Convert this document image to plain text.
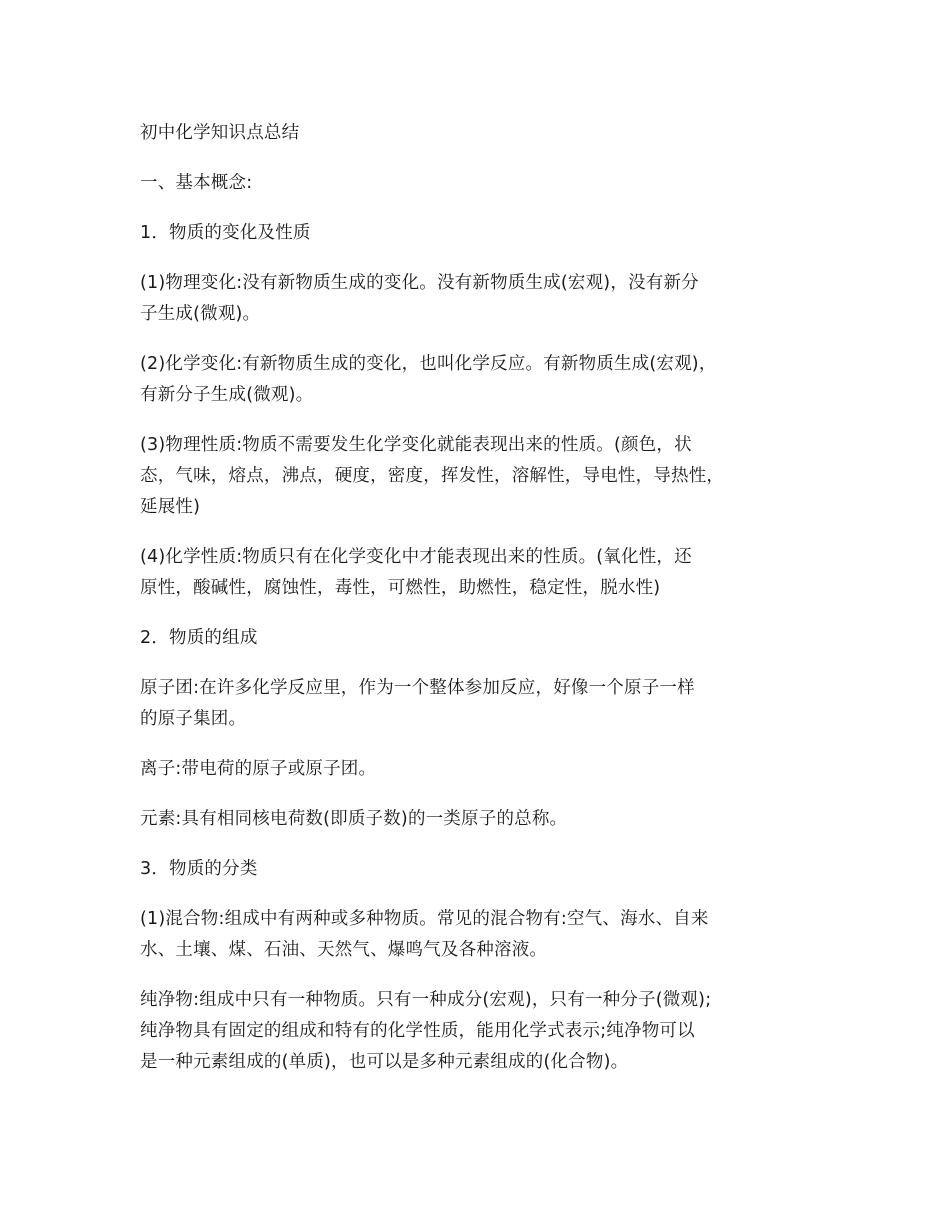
初中化学知识点总结

一、基本概念:

1．物质的变化及性质

(1)物理变化:没有新物质生成的变化。没有新物质生成(宏观)，没有新分
子生成(微观)。

(2)化学变化:有新物质生成的变化，也叫化学反应。有新物质生成(宏观)，
有新分子生成(微观)。

(3)物理性质:物质不需要发生化学变化就能表现出来的性质。(颜色，状
态，气味，熔点，沸点，硬度，密度，挥发性，溶解性，导电性，导热性，
延展性)

(4)化学性质:物质只有在化学变化中才能表现出来的性质。(氧化性，还
原性，酸碱性，腐蚀性，毒性，可燃性，助燃性，稳定性，脱水性)

2．物质的组成

原子团:在许多化学反应里，作为一个整体参加反应，好像一个原子一样
的原子集团。

离子:带电荷的原子或原子团。

元素:具有相同核电荷数(即质子数)的一类原子的总称。

3．物质的分类

(1)混合物:组成中有两种或多种物质。常见的混合物有:空气、海水、自来
水、土壤、煤、石油、天然气、爆鸣气及各种溶液。

纯净物:组成中只有一种物质。只有一种成分(宏观)，只有一种分子(微观);
纯净物具有固定的组成和特有的化学性质，能用化学式表示;纯净物可以
是一种元素组成的(单质)，也可以是多种元素组成的(化合物)。
